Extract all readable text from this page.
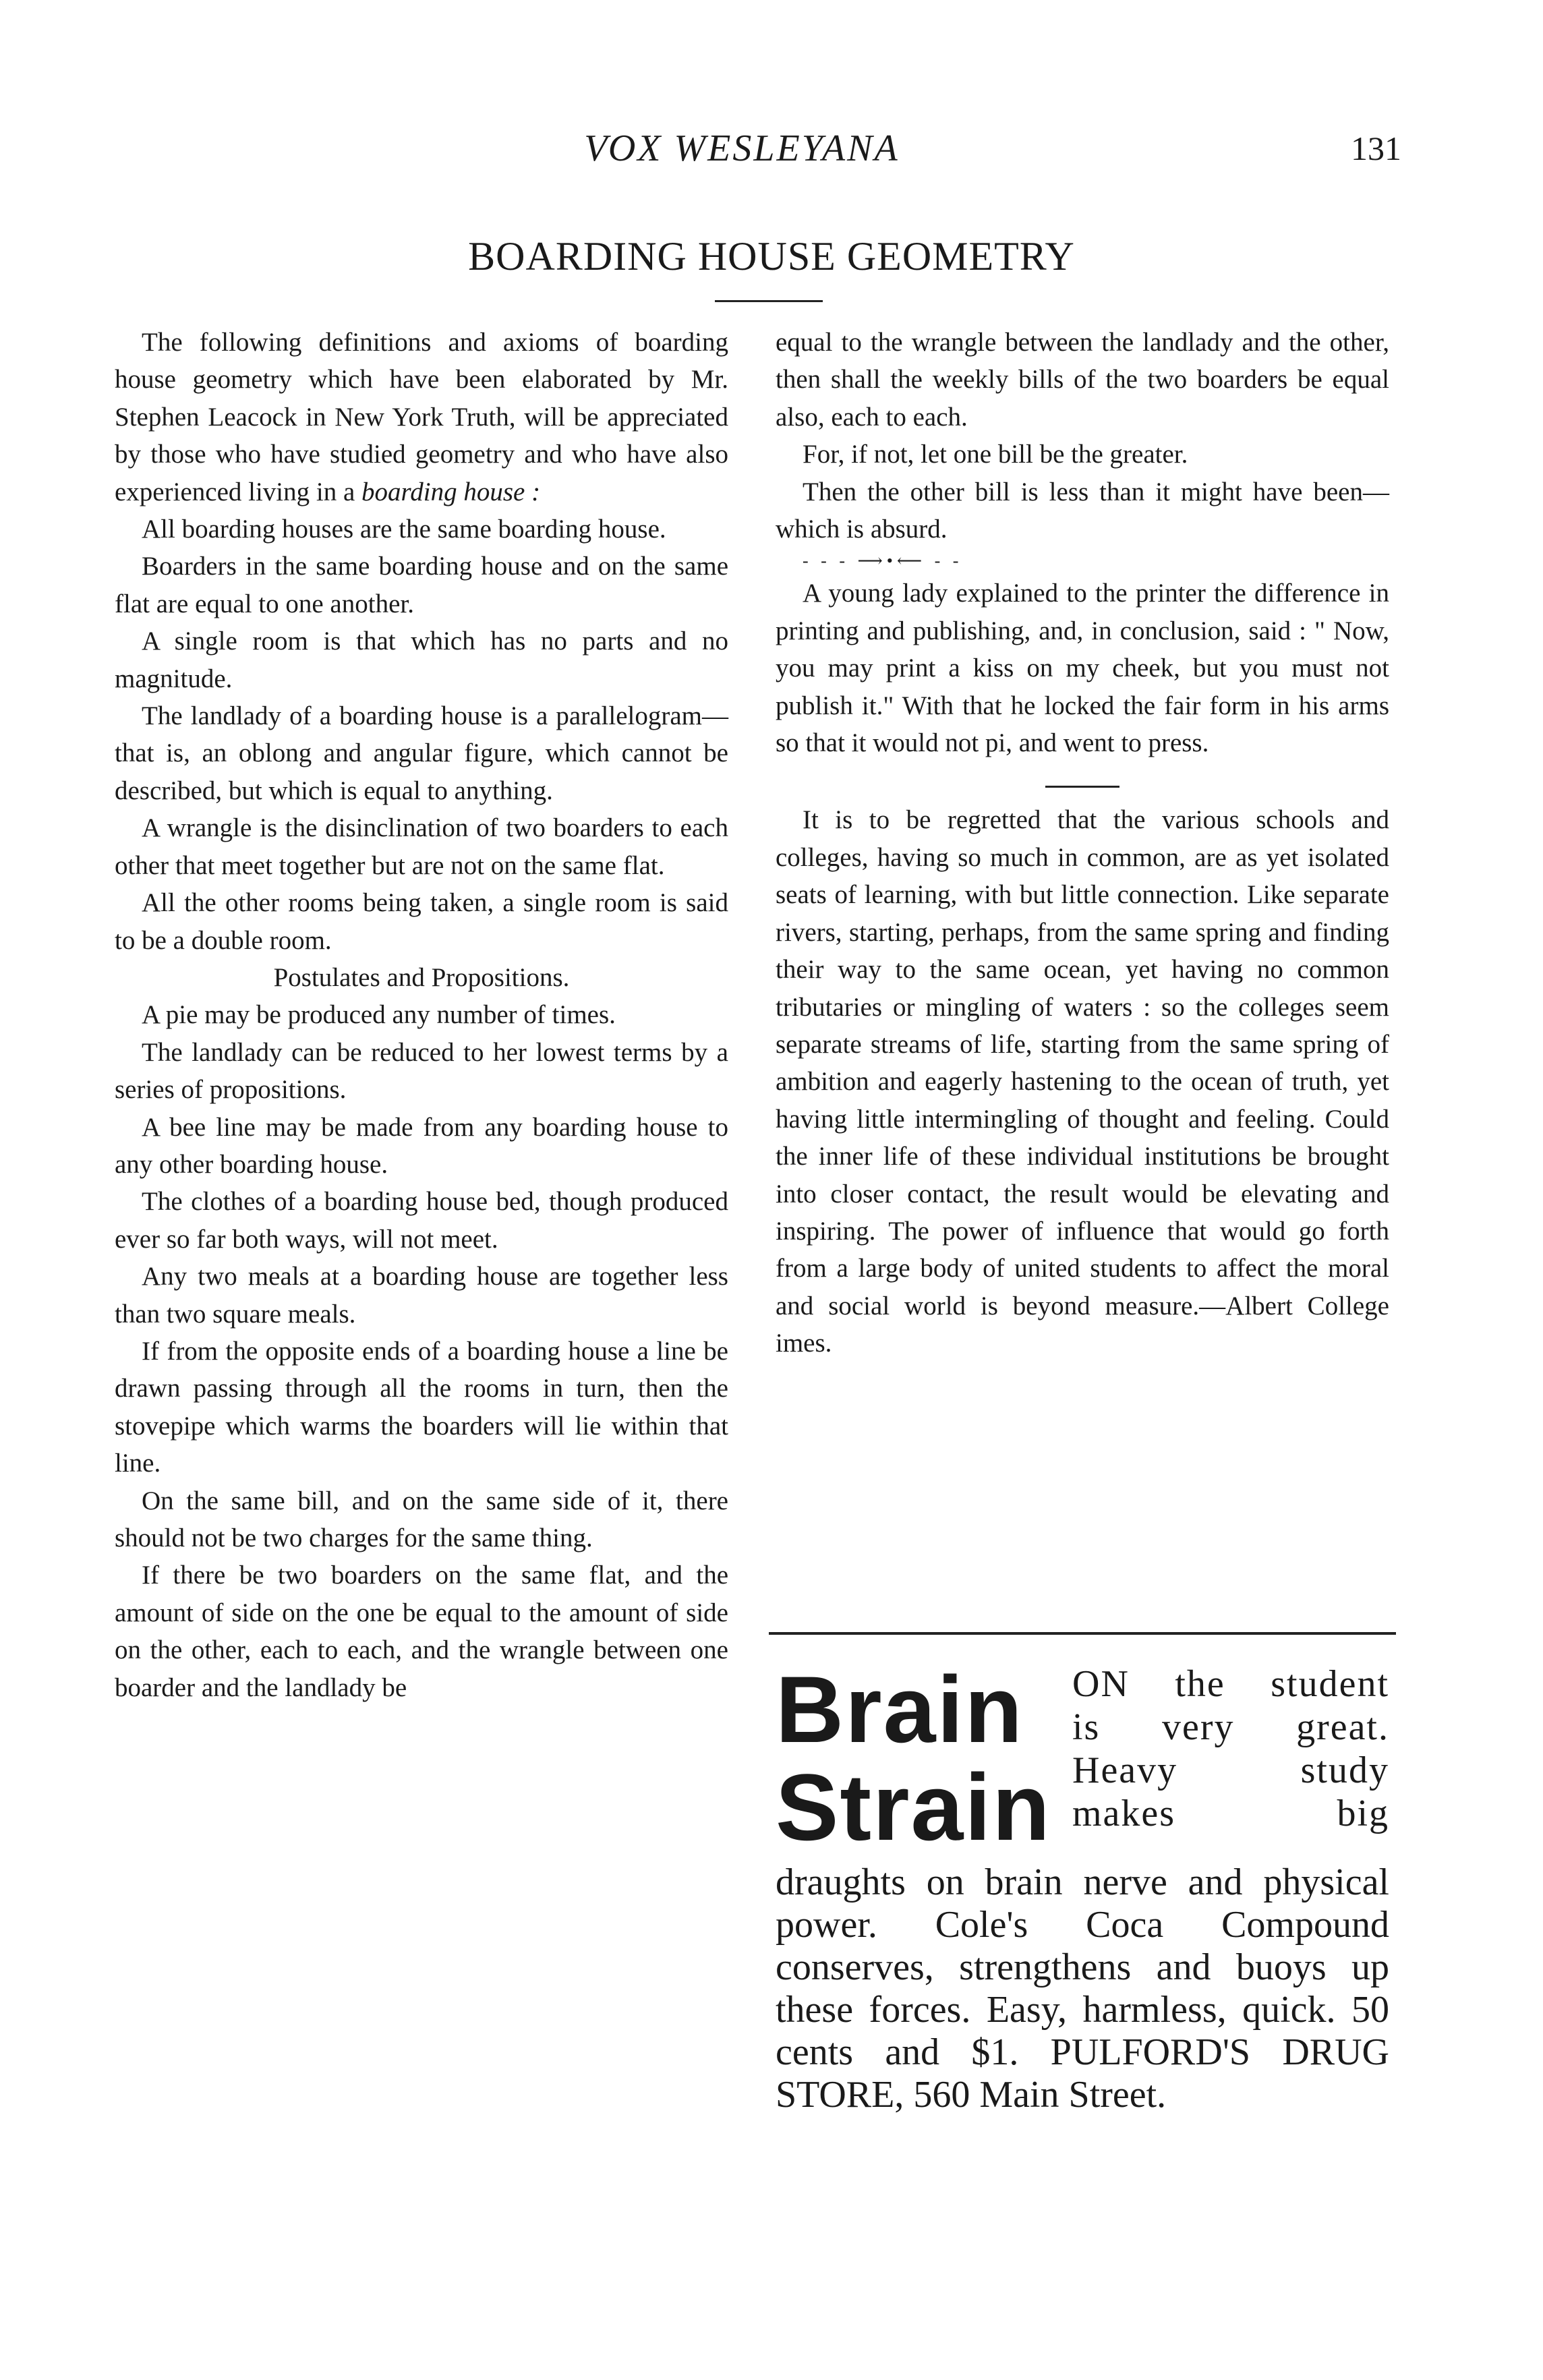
VOX WESLEYANA	131
BOARDING HOUSE GEOMETRY

The following definitions and axioms of boarding house geometry which have been elaborated by Mr. Stephen Leacock in New York Truth, will be appreciated by those who have studied geometry and who have also experienced living in a boarding house :

All boarding houses are the same boarding house.

Boarders in the same boarding house and on the same flat are equal to one another.

A single room is that which has no parts and no magnitude.

The landlady of a boarding house is a parallelogram—that is, an oblong and angular figure, which cannot be described, but which is equal to anything.

A wrangle is the disinclination of two boarders to each other that meet together but are not on the same flat.

All the other rooms being taken, a single room is said to be a double room.

Postulates and Propositions.

A pie may be produced any number of times.

The landlady can be reduced to her lowest terms by a series of propositions.

A bee line may be made from any boarding house to any other boarding house.

The clothes of a boarding house bed, though produced ever so far both ways, will not meet.

Any two meals at a boarding house are together less than two square meals.

If from the opposite ends of a boarding house a line be drawn passing through all the rooms in turn, then the stovepipe which warms the boarders will lie within that line.

On the same bill, and on the same side of it, there should not be two charges for the same thing.

If there be two boarders on the same flat, and the amount of side on the one be equal to the amount of side on the other, each to each, and the wrangle between one boarder and the landlady be

equal to the wrangle between the landlady and the other, then shall the weekly bills of the two boarders be equal also, each to each.

For, if not, let one bill be the greater.

Then the other bill is less than it might have been—which is absurd.

- - - ⟶•⟵ - -

A young lady explained to the printer the difference in printing and publishing, and, in conclusion, said : " Now, you may print a kiss on my cheek, but you must not publish it." With that he locked the fair form in his arms so that it would not pi, and went to press.

It is to be regretted that the various schools and colleges, having so much in common, are as yet isolated seats of learning, with but little connection. Like separate rivers, starting, perhaps, from the same spring and finding their way to the same ocean, yet having no common tributaries or mingling of waters : so the colleges seem separate streams of life, starting from the same spring of ambition and eagerly hastening to the ocean of truth, yet having little intermingling of thought and feeling. Could the inner life of these individual institutions be brought into closer contact, the result would be elevating and inspiring. The power of influence that would go forth from a large body of united students to affect the moral and social world is beyond measure.—Albert College imes.

Brain
Strain
ON the student
is very great.
Heavy study
makes big
draughts on brain nerve and physical power. Cole's Coca Compound conserves, strengthens and buoys up these forces. Easy, harmless, quick. 50 cents and $1. PULFORD'S DRUG STORE, 560 Main Street.
